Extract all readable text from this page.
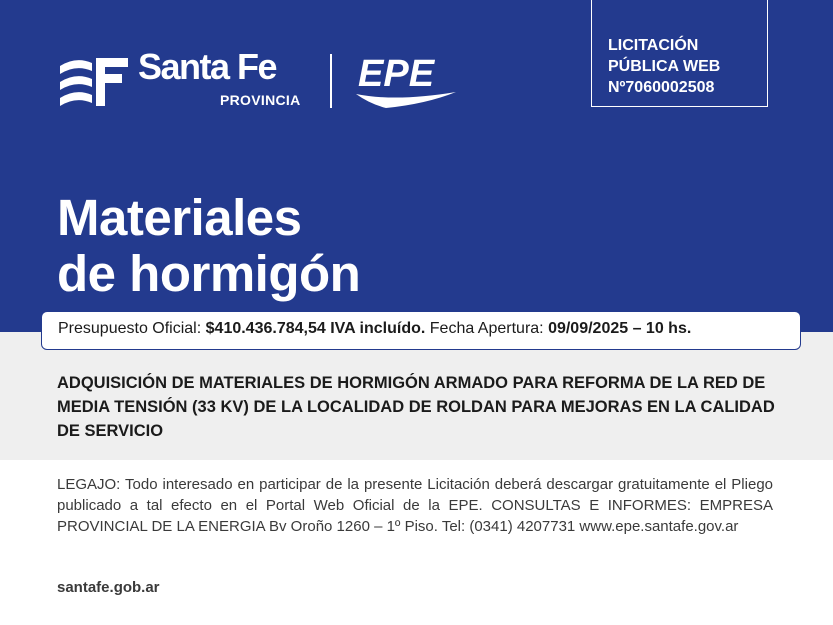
Santa Fe
PROVINCIA
EPE
LICITACIÓN
PÚBLICA WEB
Nº7060002508
Materiales
de hormigón
Presupuesto Oficial: $410.436.784,54 IVA incluído. Fecha Apertura: 09/09/2025 – 10 hs.
ADQUISICIÓN DE MATERIALES DE HORMIGÓN ARMADO PARA REFORMA DE LA RED DE MEDIA TENSIÓN (33 KV) DE LA LOCALIDAD DE ROLDAN PARA MEJORAS EN LA CALIDAD DE SERVICIO
LEGAJO: Todo interesado en participar de la presente Licitación deberá descargar gratuitamente el Pliego publicado a tal efecto en el Portal Web Oficial de la EPE. CONSULTAS E INFORMES: EMPRESA PROVINCIAL DE LA ENERGIA Bv Oroño 1260 – 1º Piso. Tel: (0341) 4207731 www.epe.santafe.gov.ar
santafe.gob.ar
